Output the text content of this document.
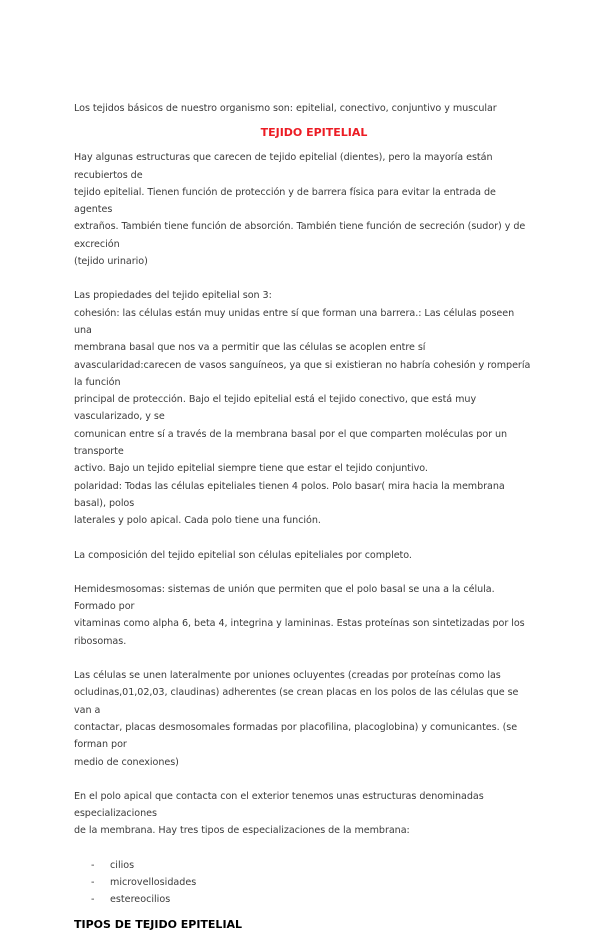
Los tejidos básicos de nuestro organismo son: epitelial, conectivo, conjuntivo y muscular

TEJIDO EPITELIAL

Hay algunas estructuras que carecen de tejido epitelial (dientes), pero la mayoría están recubiertos de

tejido epitelial. Tienen función de protección y de barrera física para evitar la entrada de agentes

extraños. También tiene función de absorción. También tiene función de secreción (sudor) y de excreción

(tejido urinario)

Las propiedades del tejido epitelial son 3:

cohesión: las células están muy unidas entre sí que forman una barrera.: Las células poseen una

membrana basal que nos va a permitir que las células se acoplen entre sí

avascularidad:carecen de vasos sanguíneos, ya que si existieran no habría cohesión y rompería la función

principal de protección. Bajo el tejido epitelial está el tejido conectivo, que está muy vascularizado, y se

comunican entre sí a través de la membrana basal por el que comparten moléculas por un transporte

activo. Bajo un tejido epitelial siempre tiene que estar el tejido conjuntivo.

polaridad: Todas las células epiteliales tienen 4 polos. Polo basar( mira hacia la membrana basal), polos

laterales y polo apical. Cada polo tiene una función.

La composición del tejido epitelial son células epiteliales por completo.

Hemidesmosomas: sistemas de unión que permiten que el polo basal se una a la célula. Formado por

vitaminas como alpha 6, beta 4, integrina y lamininas. Estas proteínas son sintetizadas por los

ribosomas.

Las células se unen lateralmente por uniones ocluyentes (creadas por proteínas como las

ocludinas,01,02,03, claudinas) adherentes (se crean placas en los polos de las células que se van a

contactar, placas desmosomales formadas por placofilina, placoglobina) y comunicantes. (se forman por

medio de conexiones)

En el polo apical que contacta con el exterior tenemos unas estructuras denominadas especializaciones

de la membrana. Hay tres tipos de especializaciones de la membrana:

- cilios
- microvellosidades
- estereocilios

TIPOS DE TEJIDO EPITELIAL
